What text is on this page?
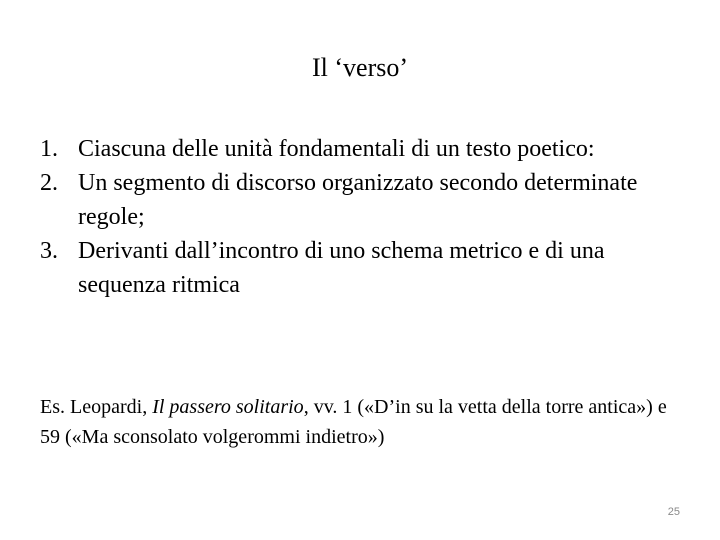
Il ‘verso’
1. Ciascuna delle unità fondamentali di un testo poetico:
2. Un segmento di discorso organizzato secondo determinate regole;
3. Derivanti dall’incontro di uno schema metrico e di una sequenza ritmica
Es. Leopardi, Il passero solitario, vv. 1 («D’in su la vetta della torre antica») e 59 («Ma sconsolato volgerommi indietro»)
25
